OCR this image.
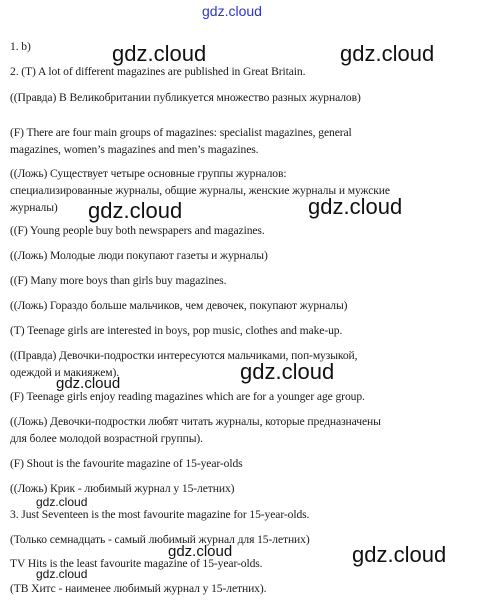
gdz.cloud
gdz.cloud	gdz.cloud
gdz.cloud	gdz.cloud
gdz.cloud
gdz.cloud
gdz.cloud
gdz.cloud	gdz.cloud
gdz.cloud
1. b)
2. (T) A lot of different magazines are published in Great Britain.
((Правда) В Великобритании публикуется множество разных журналов)
(F) There are four main groups of magazines: specialist magazines, general
magazines, women’s magazines and men’s magazines.
((Ложь) Существует четыре основные группы журналов:
специализированные журналы, общие журналы, женские журналы и мужские
журналы)
((F) Young people buy both newspapers and magazines.
((Ложь) Молодые люди покупают газеты и журналы)
((F) Many more boys than girls buy magazines.
((Ложь) Гораздо больше мальчиков, чем девочек, покупают журналы)
(T) Teenage girls are interested in boys, pop music, clothes and make-up.
((Правда) Девочки-подростки интересуются мальчиками, поп-музыкой,
одеждой и макияжем).
(F) Teenage girls enjoy reading magazines which are for a younger age group.
((Ложь) Девочки-подростки любят читать журналы, которые предназначены
для более молодой возрастной группы).
(F) Shout is the favourite magazine of 15-year-olds
((Ложь) Крик - любимый журнал у 15-летних)
3. Just Seventeen is the most favourite magazine for 15-year-olds.
(Только семнадцать - самый любимый журнал для 15-летних)
TV Hits is the least favourite magazine of 15-year-olds.
(ТВ Хитс - наименее любимый журнал у 15-летних).
